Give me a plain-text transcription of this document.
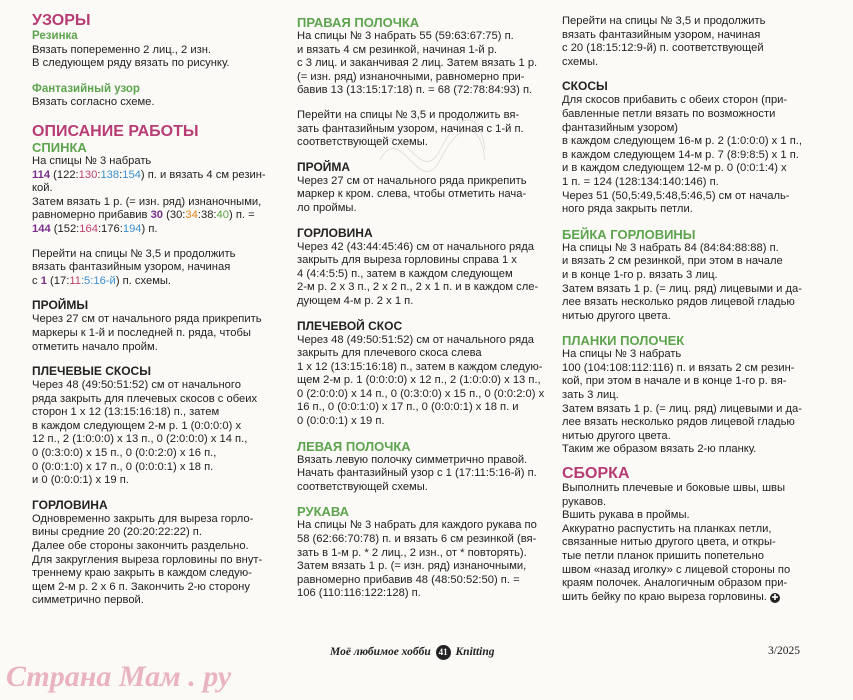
УЗОРЫ
Резинка
Вязать попеременно 2 лиц., 2 изн.
В следующем ряду вязать по рисунку.
Фантазийный узор
Вязать согласно схеме.
ОПИСАНИЕ РАБОТЫ
СПИНКА
На спицы № 3 набрать
114 (122:130:138:154) п. и вязать 4 см резин-
кой.
Затем вязать 1 р. (= изн. ряд) изнаночными,
равномерно прибавив 30 (30:34:38:40) п. =
144 (152:164:176:194) п.
Перейти на спицы № 3,5 и продолжить
вязать фантазийным узором, начиная
с 1 (17:11:5:16-й) п. схемы.
ПРОЙМЫ
Через 27 см от начального ряда прикрепить
маркеры к 1-й и последней п. ряда, чтобы
отметить начало пройм.
ПЛЕЧЕВЫЕ СКОСЫ
Через 48 (49:50:51:52) см от начального
ряда закрыть для плечевых скосов с обеих
сторон 1 х 12 (13:15:16:18) п., затем
в каждом следующем 2-м р. 1 (0:0:0:0) х
12 п., 2 (1:0:0:0) х 13 п., 0 (2:0:0:0) х 14 п.,
0 (0:3:0:0) х 15 п., 0 (0:0:2:0) х 16 п.,
0 (0:0:1:0) х 17 п., 0 (0:0:0:1) х 18 п.
и 0 (0:0:0:1) х 19 п.
ГОРЛОВИНА
Одновременно закрыть для выреза горло-
вины средние 20 (20:20:22:22) п.
Далее обе стороны закончить раздельно.
Для закругления выреза горловины по внут-
треннему краю закрыть в каждом следую-
щем 2-м р. 2 х 6 п. Закончить 2-ю сторону
симметрично первой.
ПРАВАЯ ПОЛОЧКА
На спицы № 3 набрать 55 (59:63:67:75) п.
и вязать 4 см резинкой, начиная 1-й р.
с 3 лиц. и заканчивая 2 лиц. Затем вязать 1 р.
(= изн. ряд) изнаночными, равномерно при-
бавив 13 (13:15:17:18) п. = 68 (72:78:84:93) п.
Перейти на спицы № 3,5 и продолжить вя-
зать фантазийным узором, начиная с 1-й п.
соответствующей схемы.
ПРОЙМА
Через 27 см от начального ряда прикрепить
маркер к кром. слева, чтобы отметить нача-
ло проймы.
ГОРЛОВИНА
Через 42 (43:44:45:46) см от начального ряда
закрыть для выреза горловины справа 1 х
4 (4:4:5:5) п., затем в каждом следующем
2-м р. 2 х 3 п., 2 х 2 п., 2 х 1 п. и в каждом сле-
дующем 4-м р. 2 х 1 п.
ПЛЕЧЕВОЙ СКОС
Через 48 (49:50:51:52) см от начального ряда
закрыть для плечевого скоса слева
1 х 12 (13:15:16:18) п., затем в каждом следую-
щем 2-м р. 1 (0:0:0:0) х 12 п., 2 (1:0:0:0) х 13 п.,
0 (2:0:0:0) х 14 п., 0 (0:3:0:0) х 15 п., 0 (0:0:2:0) х
16 п., 0 (0:0:1:0) х 17 п., 0 (0:0:0:1) х 18 п. и
0 (0:0:0:1) х 19 п.
ЛЕВАЯ ПОЛОЧКА
Вязать левую полочку симметрично правой.
Начать фантазийный узор с 1 (17:11:5:16-й) п.
соответствующей схемы.
РУКАВА
На спицы № 3 набрать для каждого рукава по
58 (62:66:70:78) п. и вязать 6 см резинкой (вя-
зать в 1-м р. * 2 лиц., 2 изн., от * повторять).
Затем вязать 1 р. (= изн. ряд) изнаночными,
равномерно прибавив 48 (48:50:52:50) п. =
106 (110:116:122:128) п.
Перейти на спицы № 3,5 и продолжить
вязать фантазийным узором, начиная
с 20 (18:15:12:9-й) п. соответствующей
схемы.
СКОСЫ
Для скосов прибавить с обеих сторон (при-
бавленные петли вязать по возможности
фантазийным узором)
в каждом следующем 16-м р. 2 (1:0:0:0) х 1 п.,
в каждом следующем 14-м р. 7 (8:9:8:5) х 1 п.
и в каждом следующем 12-м р. 0 (0:0:1:4) х
1 п. = 124 (128:134:140:146) п.
Через 51 (50,5:49,5:48,5:46,5) см от началь-
ного ряда закрыть петли.
БЕЙКА ГОРЛОВИНЫ
На спицы № 3 набрать 84 (84:84:88:88) п.
и вязать 2 см резинкой, при этом в начале
и в конце 1-го р. вязать 3 лиц.
Затем вязать 1 р. (= лиц. ряд) лицевыми и да-
лее вязать несколько рядов лицевой гладью
нитью другого цвета.
ПЛАНКИ ПОЛОЧЕК
На спицы № 3 набрать
100 (104:108:112:116) п. и вязать 2 см резин-
кой, при этом в начале и в конце 1-го р. вя-
зать 3 лиц.
Затем вязать 1 р. (= лиц. ряд) лицевыми и да-
лее вязать несколько рядов лицевой гладью
нитью другого цвета.
Таким же образом вязать 2-ю планку.
СБОРКА
Выполнить плечевые и боковые швы, швы
рукавов.
Вшить рукава в проймы.
Аккуратно распустить на планках петли,
связанные нитью другого цвета, и откры-
тые петли планок пришить попетельно
швом «назад иголку» с лицевой стороны по
краям полочек. Аналогичным образом при-
шить бейку по краю выреза горловины. ✚
Моё любимое хобби 41 Knitting	3/2025
Страна Мам . ру
